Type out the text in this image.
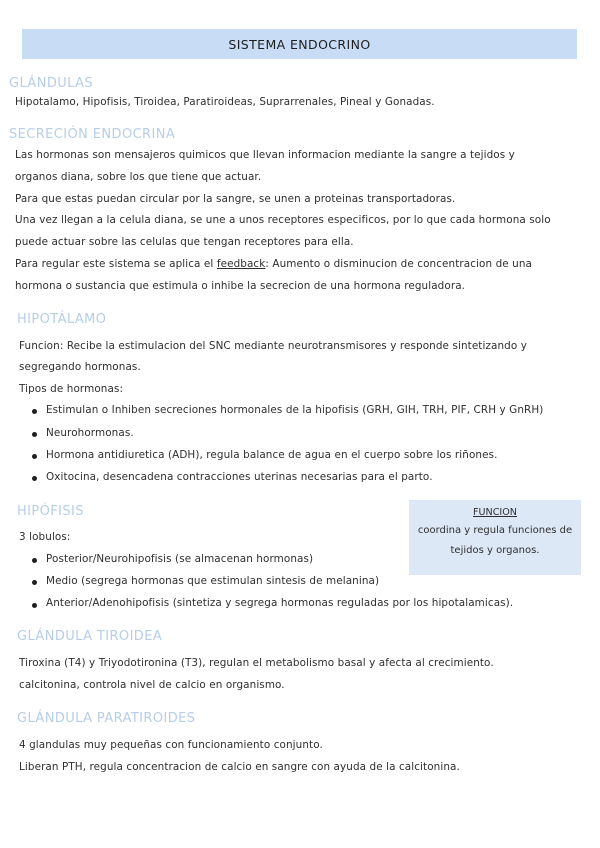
SISTEMA ENDOCRINO
GLÁNDULAS
Hipotalamo, Hipofisis, Tiroidea, Paratiroideas, Suprarrenales, Pineal y Gonadas.
SECRECIÓN ENDOCRINA
Las hormonas son mensajeros quimicos que llevan informacion mediante la sangre a tejidos y
organos diana, sobre los que tiene que actuar.
Para que estas puedan circular por la sangre, se unen a proteinas transportadoras.
Una vez llegan a la celula diana, se une a unos receptores especificos, por lo que cada hormona solo
puede actuar sobre las celulas que tengan receptores para ella.
Para regular este sistema se aplica el feedback: Aumento o disminucion de concentracion de una
hormona o sustancia que estimula o inhibe la secrecion de una hormona reguladora.
HIPOTÁLAMO
Funcion: Recibe la estimulacion del SNC mediante neurotransmisores y responde sintetizando y
segregando hormonas.
Tipos de hormonas:
Estimulan o Inhiben secreciones hormonales de la hipofisis (GRH, GIH, TRH, PIF, CRH y GnRH)
Neurohormonas.
Hormona antidiuretica (ADH), regula balance de agua en el cuerpo sobre los riñones.
Oxitocina, desencadena contracciones uterinas necesarias para el parto.
HIPÓFISIS
3 lobulos:
Posterior/Neurohipofisis (se almacenan hormonas)
Medio (segrega hormonas que estimulan sintesis de melanina)
Anterior/Adenohipofisis (sintetiza y segrega hormonas reguladas por los hipotalamicas).
FUNCION
coordina y regula funciones de
tejidos y organos.
GLÁNDULA TIROIDEA
Tiroxina (T4) y Triyodotironina (T3), regulan el metabolismo basal y afecta al crecimiento.
calcitonina, controla nivel de calcio en organismo.
GLÁNDULA PARATIROIDES
4 glandulas muy pequeñas con funcionamiento conjunto.
Liberan PTH, regula concentracion de calcio en sangre con ayuda de la calcitonina.
